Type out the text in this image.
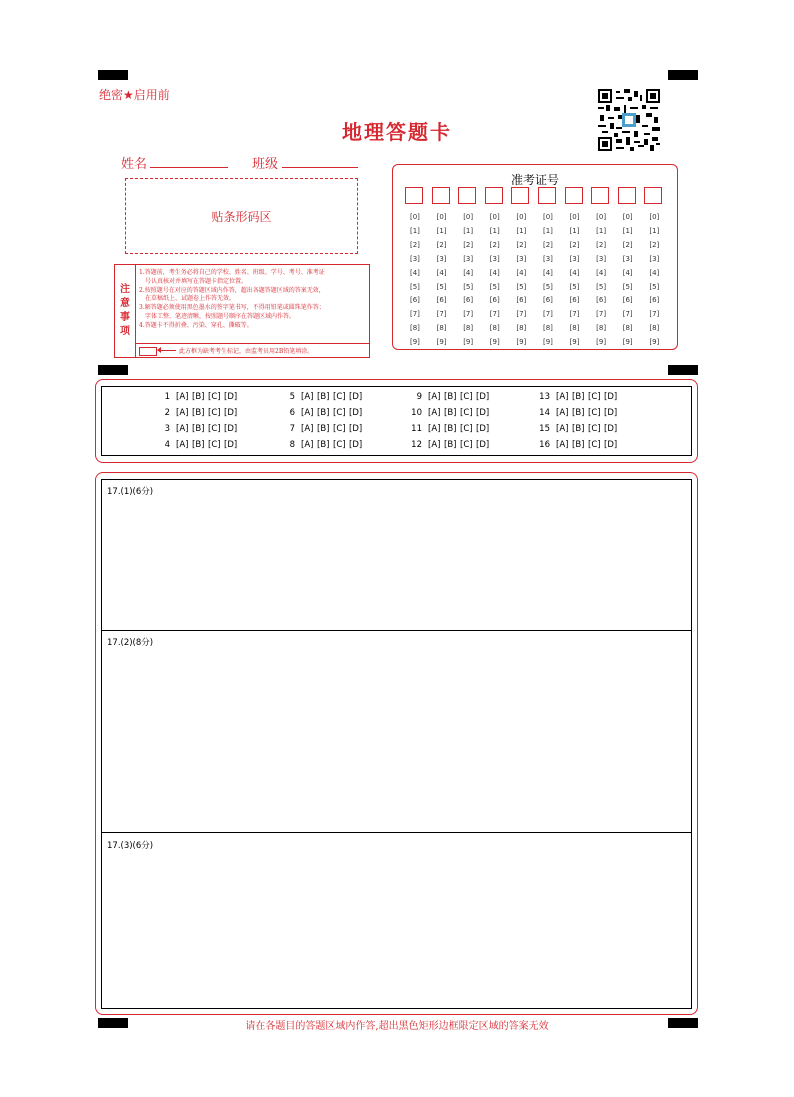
绝密★启用前
地理答题卡
姓名	班级
贴条形码区
注
意
事
项
1.答题前，考生务必将自己的学校、姓名、班级、学号、考号、准考证
号认真核对并填写在答题卡指定位置。
2.按照题号在对应的答题区域内作答，超出各题答题区域的答案无效，
在草稿纸上、试题卷上作答无效。
3.解答题必须使用黑色墨水的签字笔书写，不得用铅笔或圆珠笔作答；
字体工整、笔迹清晰，按照题号顺序在答题区域内作答。
4.答题卡不得折叠、污染、穿孔、撕破等。
此方框为缺考考生标记，由监考员用2B铅笔填涂。
准考证号
[0]
[1]
[2]
[3]
[4]
[5]
[6]
[7]
[8]
[9]
[0]
[1]
[2]
[3]
[4]
[5]
[6]
[7]
[8]
[9]
[0]
[1]
[2]
[3]
[4]
[5]
[6]
[7]
[8]
[9]
[0]
[1]
[2]
[3]
[4]
[5]
[6]
[7]
[8]
[9]
[0]
[1]
[2]
[3]
[4]
[5]
[6]
[7]
[8]
[9]
[0]
[1]
[2]
[3]
[4]
[5]
[6]
[7]
[8]
[9]
[0]
[1]
[2]
[3]
[4]
[5]
[6]
[7]
[8]
[9]
[0]
[1]
[2]
[3]
[4]
[5]
[6]
[7]
[8]
[9]
[0]
[1]
[2]
[3]
[4]
[5]
[6]
[7]
[8]
[9]
[0]
[1]
[2]
[3]
[4]
[5]
[6]
[7]
[8]
[9]
1 [A] [B] [C] [D]
2 [A] [B] [C] [D]
3 [A] [B] [C] [D]
4 [A] [B] [C] [D]
5 [A] [B] [C] [D]
6 [A] [B] [C] [D]
7 [A] [B] [C] [D]
8 [A] [B] [C] [D]
9 [A] [B] [C] [D]
10 [A] [B] [C] [D]
11 [A] [B] [C] [D]
12 [A] [B] [C] [D]
13 [A] [B] [C] [D]
14 [A] [B] [C] [D]
15 [A] [B] [C] [D]
16 [A] [B] [C] [D]
17.(1)(6分)
17.(2)(8分)
17.(3)(6分)
请在各题目的答题区域内作答,超出黑色矩形边框限定区域的答案无效
